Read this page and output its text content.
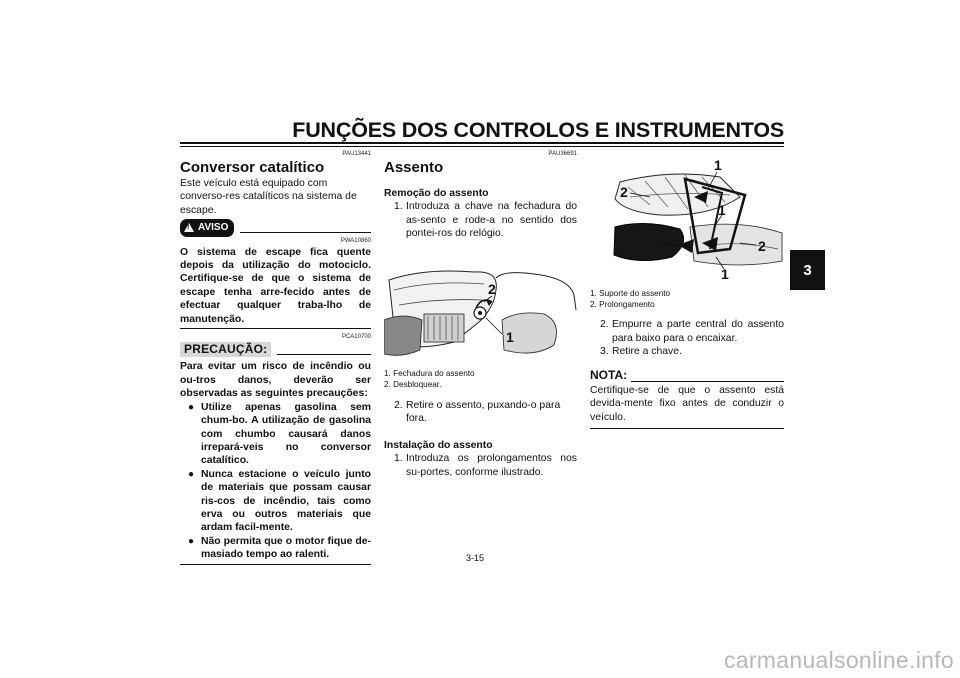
FUNÇÕES DOS CONTROLOS E INSTRUMENTOS
3
PAU13441
Conversor catalítico

Este veículo está equipado com converso-res catalíticos na sistema de escape.

!
AVISO
PWA10860

O sistema de escape fica quente depois da utilização do motociclo. Certifique-se de que o sistema de escape tenha arre-fecido antes de efectuar qualquer traba-lho de manutenção.

PCA10700
PRECAUÇÃO:

Para evitar um risco de incêndio ou ou-tros danos, deverão ser observadas as seguintes precauções:

● Utilize apenas gasolina sem chum-bo. A utilização de gasolina com chumbo causará danos irrepará-veis no conversor catalítico.
● Nunca estacione o veículo junto de materiais que possam causar ris-cos de incêndio, tais como erva ou outros materiais que ardam facil-mente.
● Não permita que o motor fique de-masiado tempo ao ralenti.
PAU36691
Assento

Remoção do assento

1. Introduza a chave na fechadura do as-sento e rode-a no sentido dos pontei-ros do relógio.
2
1
1. Fechadura do assento
2. Desbloquear.
2. Retire o assento, puxando-o para fora.

Instalação do assento

1. Introduza os prolongamentos nos su-portes, conforme ilustrado.
1
2
1
2
1
1. Suporte do assento
2. Prolongamento
2. Empurre a parte central do assento para baixo para o encaixar.
3. Retire a chave.
NOTA:

Certifique-se de que o assento está devida-mente fixo antes de conduzir o veículo.

3-15
carmanualsonline.info
